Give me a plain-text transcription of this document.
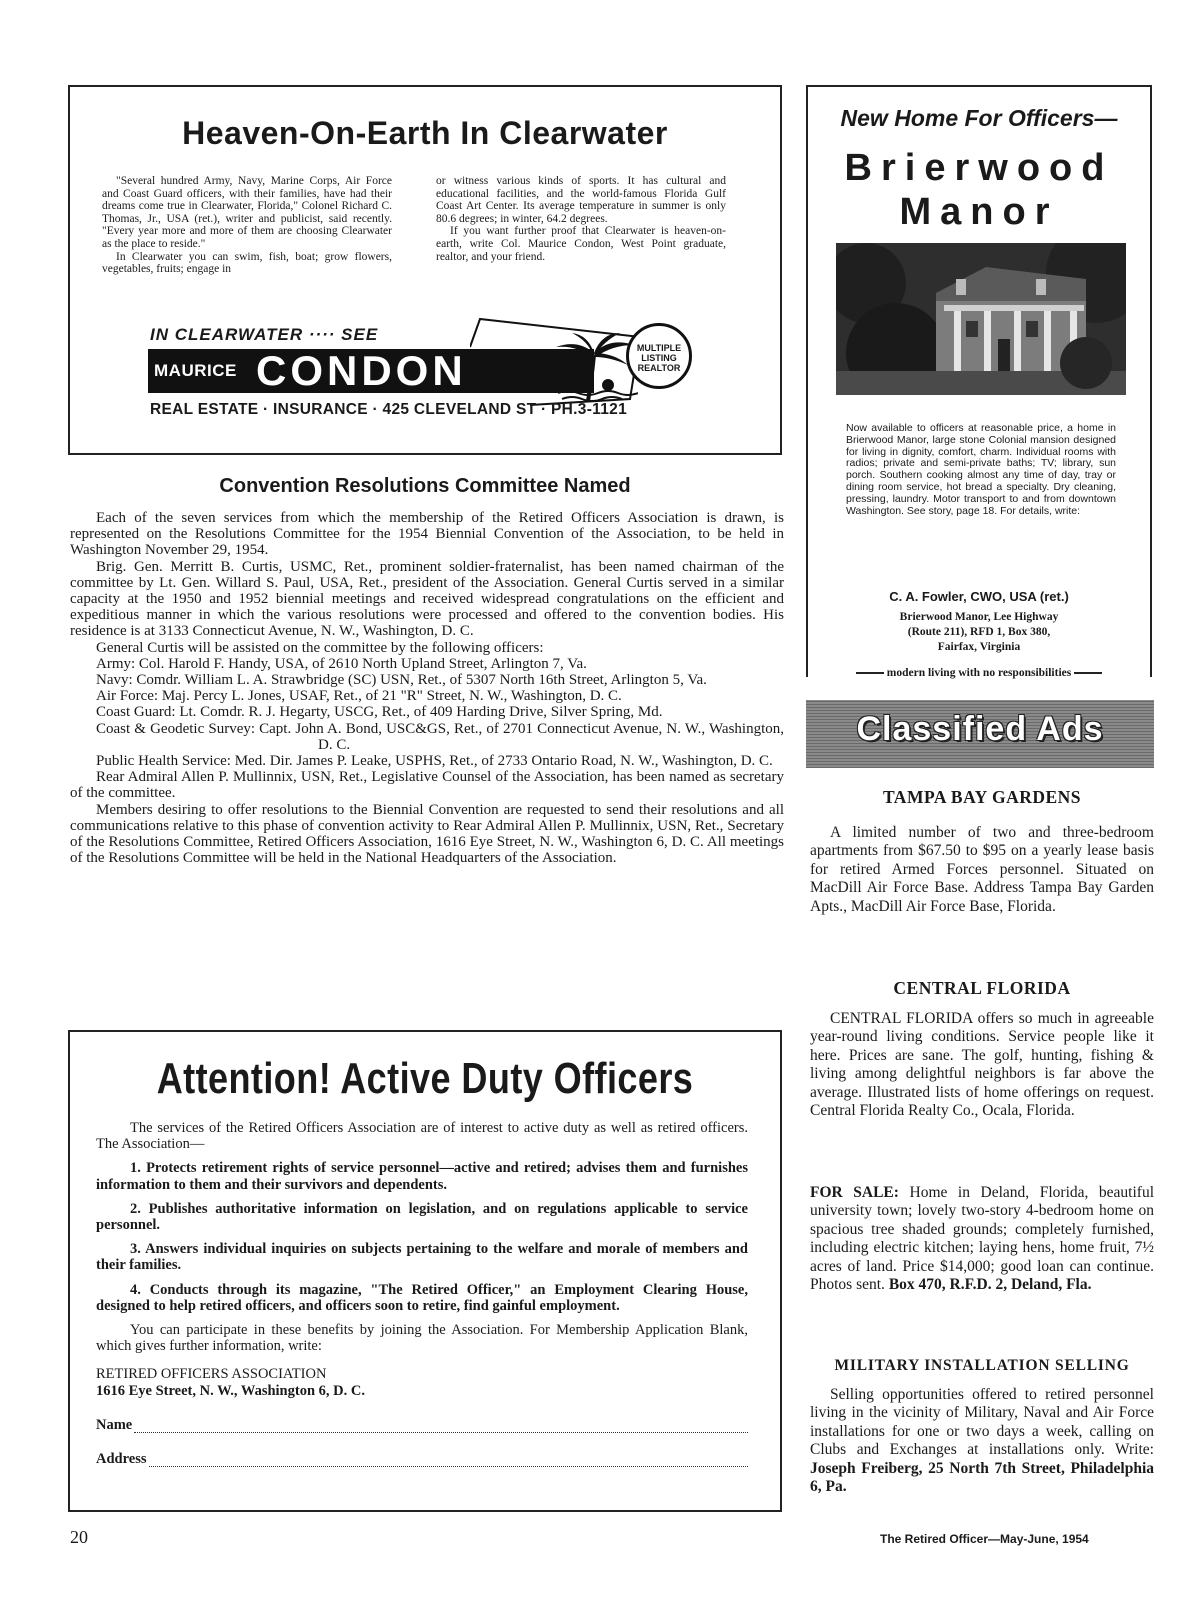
Heaven-On-Earth In Clearwater

"Several hundred Army, Navy, Marine Corps, Air Force and Coast Guard officers, with their families, have had their dreams come true in Clearwater, Florida," Colonel Richard C. Thomas, Jr., USA (ret.), writer and publicist, said recently. "Every year more and more of them are choosing Clearwater as the place to reside."

In Clearwater you can swim, fish, boat; grow flowers, vegetables, fruits; engage in

or witness various kinds of sports. It has cultural and educational facilities, and the world-famous Florida Gulf Coast Art Center. Its average temperature in summer is only 80.6 degrees; in winter, 64.2 degrees.

If you want further proof that Clearwater is heaven-on-earth, write Col. Maurice Condon, West Point graduate, realtor, and your friend.

IN CLEARWATER ···· SEE
MAURICE CONDON	MULTIPLE
LISTING
REALTOR
REAL ESTATE · INSURANCE · 425 CLEVELAND ST · PH.3-1121
Convention Resolutions Committee Named

Each of the seven services from which the membership of the Retired Officers Association is drawn, is represented on the Resolutions Committee for the 1954 Biennial Convention of the Association, to be held in Washington November 29, 1954.

Brig. Gen. Merritt B. Curtis, USMC, Ret., prominent soldier-fraternalist, has been named chairman of the committee by Lt. Gen. Willard S. Paul, USA, Ret., president of the Association. General Curtis served in a similar capacity at the 1950 and 1952 biennial meetings and received widespread congratulations on the efficient and expeditious manner in which the various resolutions were processed and offered to the convention bodies. His residence is at 3133 Connecticut Avenue, N. W., Washington, D. C.

General Curtis will be assisted on the committee by the following officers:

Army: Col. Harold F. Handy, USA, of 2610 North Upland Street, Arlington 7, Va.

Navy: Comdr. William L. A. Strawbridge (SC) USN, Ret., of 5307 North 16th Street, Arlington 5, Va.

Air Force: Maj. Percy L. Jones, USAF, Ret., of 21 "R" Street, N. W., Washington, D. C.

Coast Guard: Lt. Comdr. R. J. Hegarty, USCG, Ret., of 409 Harding Drive, Silver Spring, Md.

Coast & Geodetic Survey: Capt. John A. Bond, USC&GS, Ret., of 2701 Connecticut Avenue, N. W., Washington, D. C.

Public Health Service: Med. Dir. James P. Leake, USPHS, Ret., of 2733 Ontario Road, N. W., Washington, D. C.

Rear Admiral Allen P. Mullinnix, USN, Ret., Legislative Counsel of the Association, has been named as secretary of the committee.

Members desiring to offer resolutions to the Biennial Convention are requested to send their resolutions and all communications relative to this phase of convention activity to Rear Admiral Allen P. Mullinnix, USN, Ret., Secretary of the Resolutions Committee, Retired Officers Association, 1616 Eye Street, N. W., Washington 6, D. C. All meetings of the Resolutions Committee will be held in the National Headquarters of the Association.

Attention! Active Duty Officers

The services of the Retired Officers Association are of interest to active duty as well as retired officers. The Association—

1. Protects retirement rights of service personnel—active and retired; advises them and furnishes information to them and their survivors and dependents.

2. Publishes authoritative information on legislation, and on regulations applicable to service personnel.

3. Answers individual inquiries on subjects pertaining to the welfare and morale of members and their families.

4. Conducts through its magazine, "The Retired Officer," an Employment Clearing House, designed to help retired officers, and officers soon to retire, find gainful employment.

You can participate in these benefits by joining the Association. For Membership Application Blank, which gives further information, write:

RETIRED OFFICERS ASSOCIATION
1616 Eye Street, N. W., Washington 6, D. C.
Name
Address
New Home For Officers—
Brierwood
Manor
Now available to officers at reasonable price, a home in Brierwood Manor, large stone Colonial mansion designed for living in dignity, comfort, charm. Individual rooms with radios; private and semi-private baths; TV; library, sun porch. Southern cooking almost any time of day, tray or dining room service, hot bread a specialty. Dry cleaning, pressing, laundry. Motor transport to and from downtown Washington. See story, page 18. For details, write:
C. A. Fowler, CWO, USA (ret.)
Brierwood Manor, Lee Highway
(Route 211), RFD 1, Box 380,
Fairfax, Virginia
modern living with no responsibilities
Classified Ads
TAMPA BAY GARDENS

A limited number of two and three-bedroom apartments from $67.50 to $95 on a yearly lease basis for retired Armed Forces personnel. Situated on MacDill Air Force Base. Address Tampa Bay Garden Apts., MacDill Air Force Base, Florida.

CENTRAL FLORIDA

CENTRAL FLORIDA offers so much in agreeable year-round living conditions. Service people like it here. Prices are sane. The golf, hunting, fishing & living among delightful neighbors is far above the average. Illustrated lists of home offerings on request. Central Florida Realty Co., Ocala, Florida.

FOR SALE: Home in Deland, Florida, beautiful university town; lovely two-story 4-bedroom home on spacious tree shaded grounds; completely furnished, including electric kitchen; laying hens, home fruit, 7½ acres of land. Price $14,000; good loan can continue. Photos sent. Box 470, R.F.D. 2, Deland, Fla.

MILITARY INSTALLATION SELLING

Selling opportunities offered to retired personnel living in the vicinity of Military, Naval and Air Force installations for one or two days a week, calling on Clubs and Exchanges at installations only. Write: Joseph Freiberg, 25 North 7th Street, Philadelphia 6, Pa.

20	The Retired Officer—May-June, 1954
